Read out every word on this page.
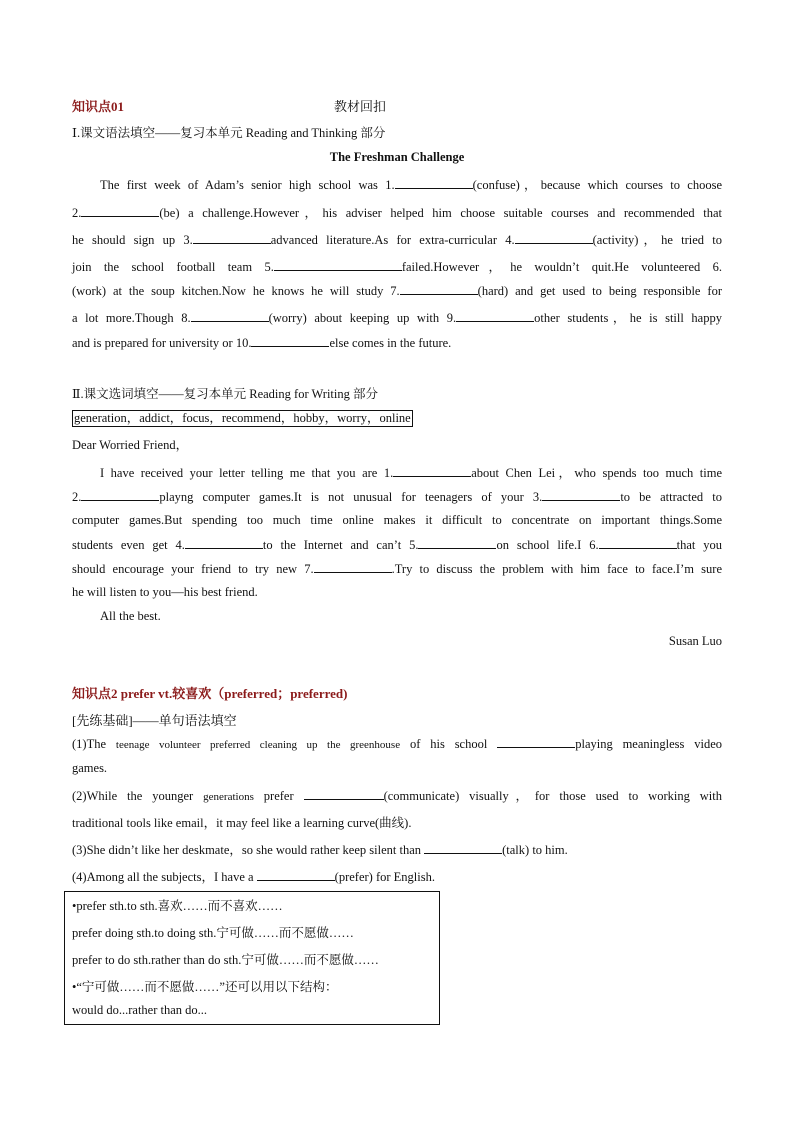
知识点01	教材回扣
Ⅰ.课文语法填空——复习本单元 Reading and Thinking 部分
The Freshman Challenge
The first week of Adam’s senior high school was 1.	(confuse)，because which courses to choose
2.	(be) a challenge.However，his adviser helped him choose suitable courses and recommended that
he should sign up 3.	advanced literature.As for extra-curricular 4.	(activity)，he tried to
join the school football team 5.	failed.However，he wouldn’t quit.He volunteered 6.
(work) at the soup kitchen.Now he knows he will study 7.	(hard) and get used to being responsible for
a lot more.Though 8.	(worry) about keeping up with 9.	other students，he is still happy
and is prepared for university or 10.	else comes in the future.
Ⅱ.课文选词填空——复习本单元 Reading for Writing 部分
generation，addict，focus，recommend，hobby，worry，online
Dear Worried Friend，
I have received your letter telling me that you are 1.	about Chen Lei，who spends too much time
2.	playng computer games.It is not unusual for teenagers of your 3.	to be attracted to
computer games.But spending too much time online makes it difficult to concentrate on important things.Some
students even get 4.	to the Internet and can’t 5.	on school life.I 6.	that you
should encourage your friend to try new 7.	.Try to discuss the problem with him face to face.I’m sure
he will listen to you—his best friend.
All the best.
Susan Luo
知识点2 prefer vt.较喜欢（preferred；preferred)
[先练基础]——单句语法填空
(1)The teenage volunteer preferred cleaning up the greenhouse of his school	playing meaningless video
games.
(2)While the younger generations prefer	(communicate) visually，for those used to working with
traditional tools like email，it may feel like a learning curve(曲线).
(3)She didn’t like her deskmate，so she would rather keep silent than	(talk) to him.
(4)Among all the subjects，I have a	(prefer) for English.
•prefer sth.to sth.喜欢……而不喜欢……
prefer doing sth.to doing sth.宁可做……而不愿做……
prefer to do sth.rather than do sth.宁可做……而不愿做……
•“宁可做……而不愿做……”还可以用以下结构：
would do...rather than do...
